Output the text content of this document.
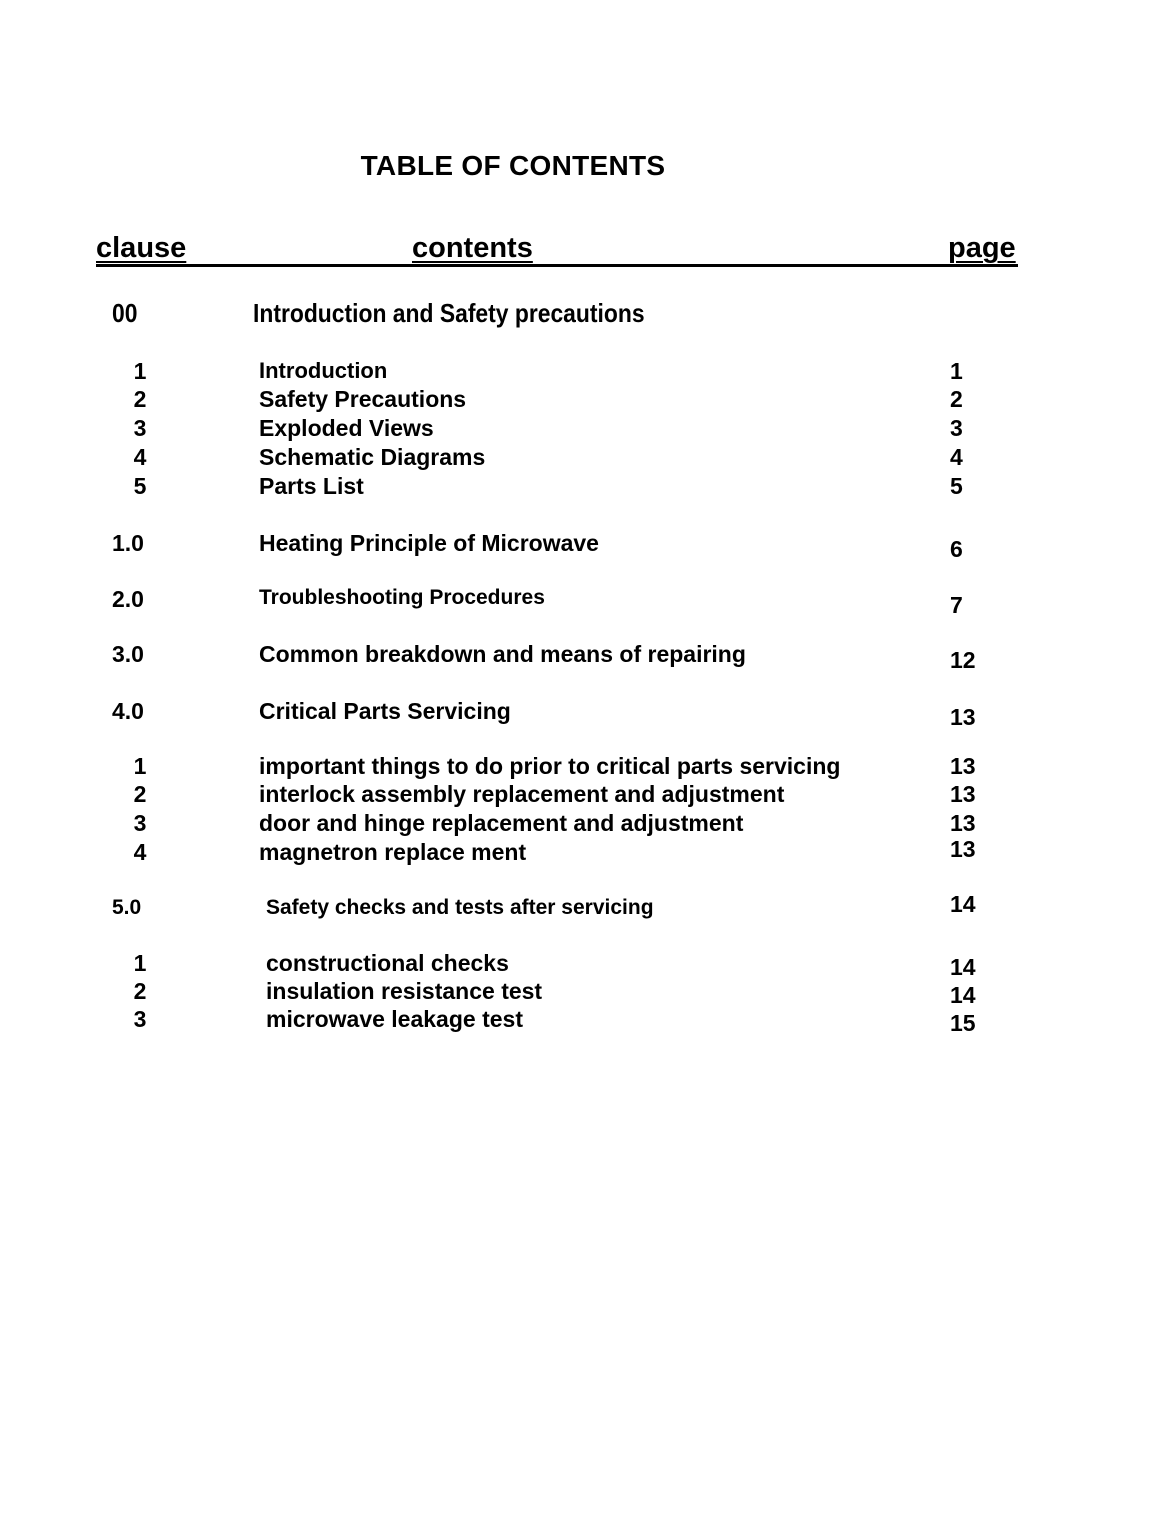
TABLE OF CONTENTS
clause	contents	page
00	Introduction and Safety precautions
1	Introduction	1
2	Safety Precautions	2
3	Exploded Views	3
4	Schematic Diagrams	4
5	Parts List	5
1.0	Heating Principle of Microwave	6
2.0	Troubleshooting Procedures	7
3.0	Common breakdown and means of repairing	12
4.0	Critical Parts Servicing	13
1	important things to do prior to critical parts servicing	13
2	interlock assembly replacement and adjustment	13
3	door and hinge replacement and adjustment	13
4	magnetron replace ment	13
5.0	Safety checks and tests after servicing	14
1	constructional checks	14
2	insulation resistance test	14
3	microwave leakage test	15
